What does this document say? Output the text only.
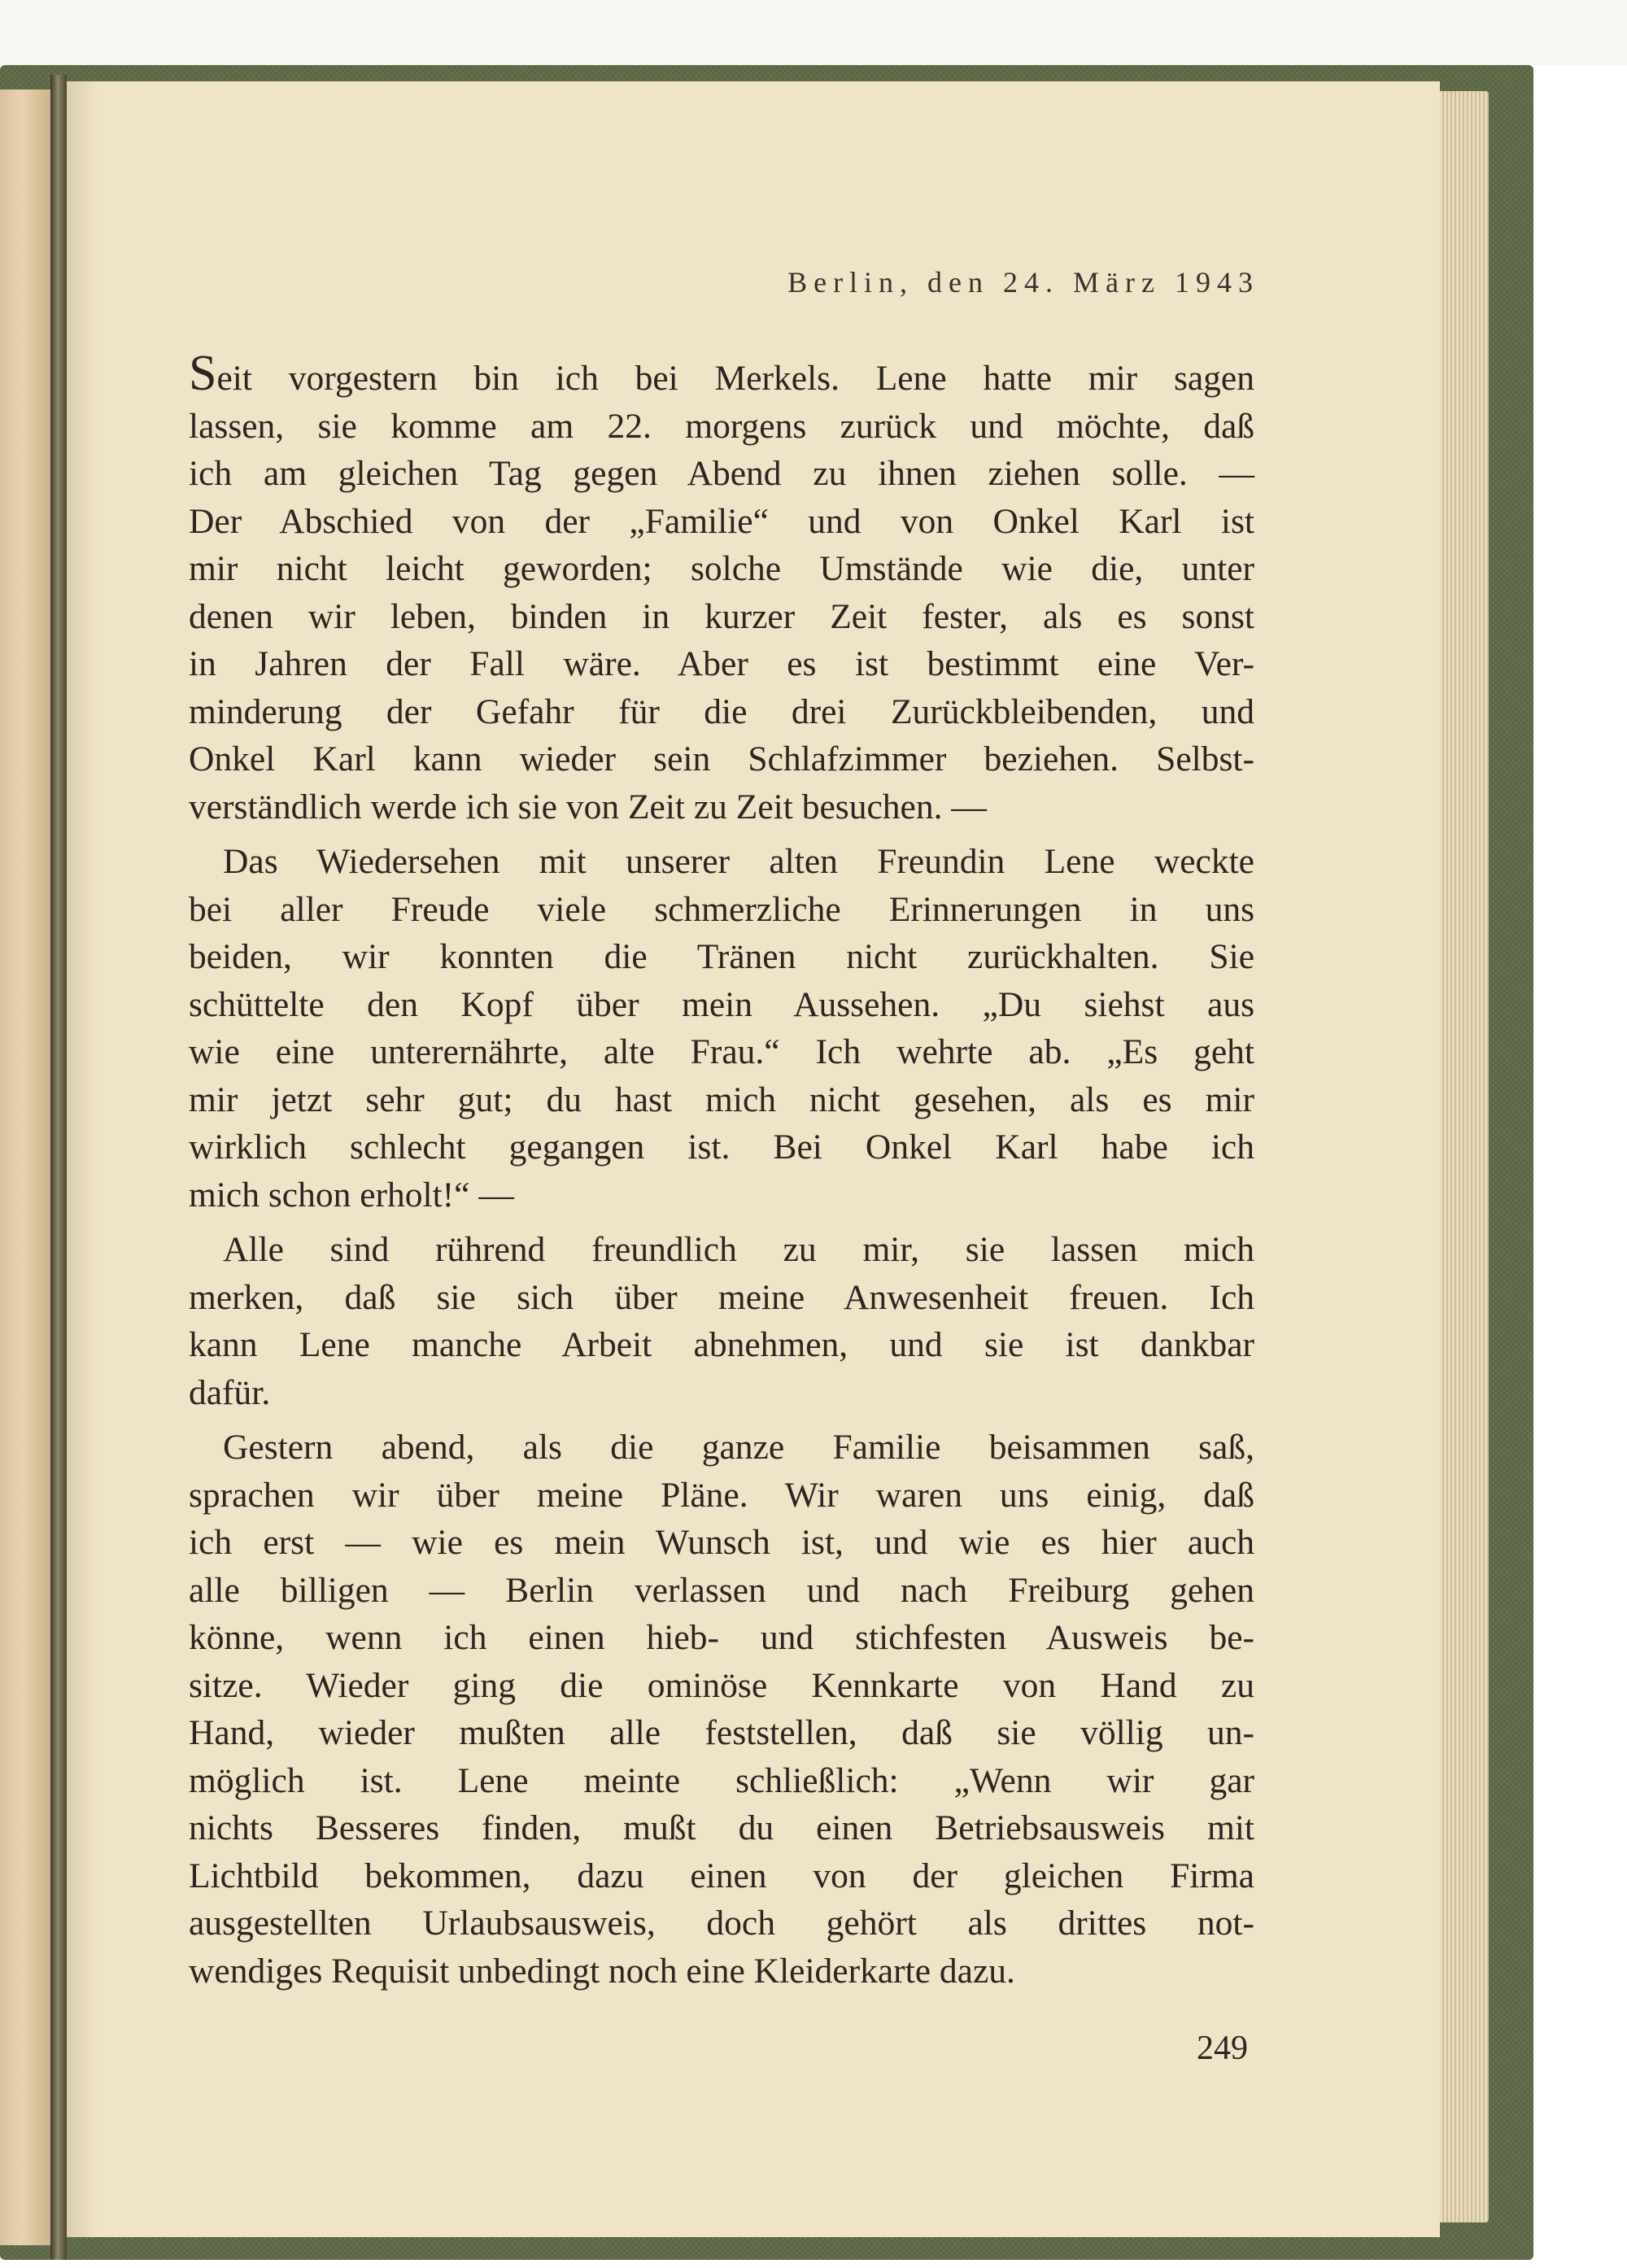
Berlin, den 24. März 1943
Seit vorgestern bin ich bei Merkels. Lene hatte mir sagen
lassen, sie komme am 22. morgens zurück und möchte, daß
ich am gleichen Tag gegen Abend zu ihnen ziehen solle. —
Der Abschied von der „Familie“ und von Onkel Karl ist
mir nicht leicht geworden; solche Umstände wie die, unter
denen wir leben, binden in kurzer Zeit fester, als es sonst
in Jahren der Fall wäre. Aber es ist bestimmt eine Ver-
minderung der Gefahr für die drei Zurückbleibenden, und
Onkel Karl kann wieder sein Schlafzimmer beziehen. Selbst-
verständlich werde ich sie von Zeit zu Zeit besuchen. —
Das Wiedersehen mit unserer alten Freundin Lene weckte
bei aller Freude viele schmerzliche Erinnerungen in uns
beiden, wir konnten die Tränen nicht zurückhalten. Sie
schüttelte den Kopf über mein Aussehen. „Du siehst aus
wie eine unterernährte, alte Frau.“ Ich wehrte ab. „Es geht
mir jetzt sehr gut; du hast mich nicht gesehen, als es mir
wirklich schlecht gegangen ist. Bei Onkel Karl habe ich
mich schon erholt!“ —
Alle sind rührend freundlich zu mir, sie lassen mich
merken, daß sie sich über meine Anwesenheit freuen. Ich
kann Lene manche Arbeit abnehmen, und sie ist dankbar
dafür.
Gestern abend, als die ganze Familie beisammen saß,
sprachen wir über meine Pläne. Wir waren uns einig, daß
ich erst — wie es mein Wunsch ist, und wie es hier auch
alle billigen — Berlin verlassen und nach Freiburg gehen
könne, wenn ich einen hieb- und stichfesten Ausweis be-
sitze. Wieder ging die ominöse Kennkarte von Hand zu
Hand, wieder mußten alle feststellen, daß sie völlig un-
möglich ist. Lene meinte schließlich: „Wenn wir gar
nichts Besseres finden, mußt du einen Betriebsausweis mit
Lichtbild bekommen, dazu einen von der gleichen Firma
ausgestellten Urlaubsausweis, doch gehört als drittes not-
wendiges Requisit unbedingt noch eine Kleiderkarte dazu.
249
